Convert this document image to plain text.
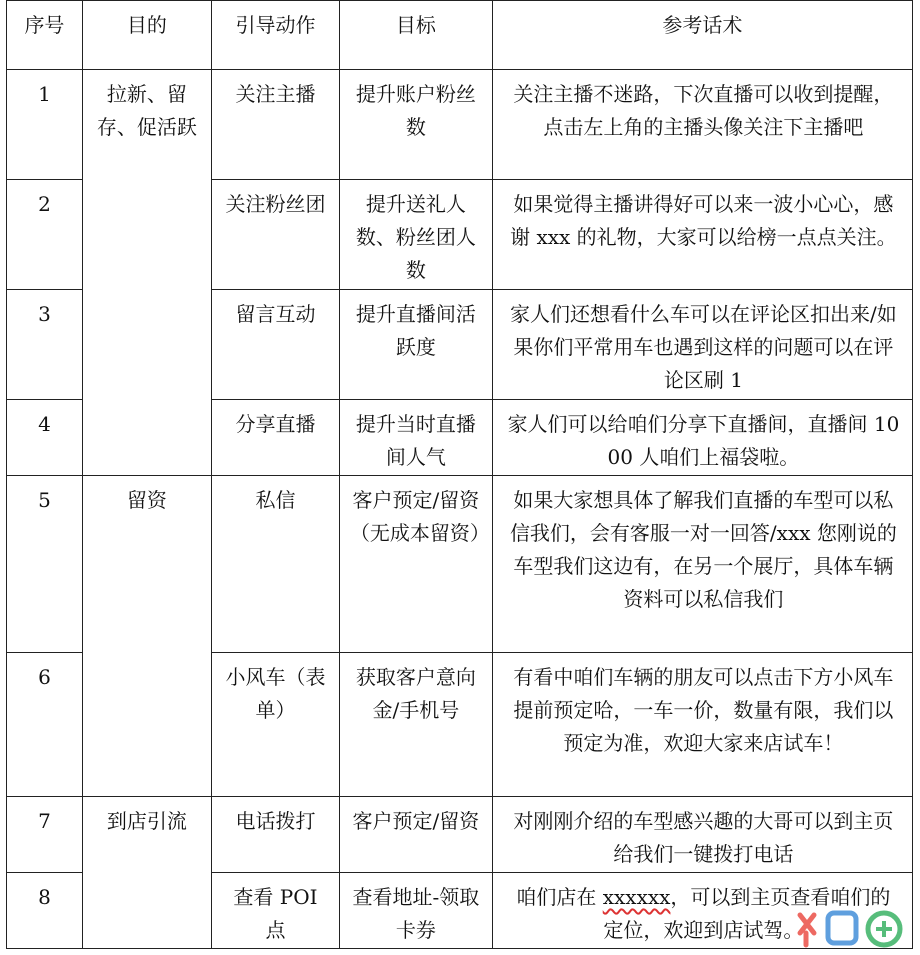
序号	目的	引导动作	目标	参考话术
1	拉新、留存、促活跃	关注主播	提升账户粉丝数	关注主播不迷路，下次直播可以收到提醒，点击左上角的主播头像关注下主播吧
2		关注粉丝团	提升送礼人数、粉丝团人数	如果觉得主播讲得好可以来一波小心心，感谢 xxx 的礼物，大家可以给榜一点点关注。
3		留言互动	提升直播间活跃度	家人们还想看什么车可以在评论区扣出来/如果你们平常用车也遇到这样的问题可以在评论区刷 1
4		分享直播	提升当时直播间人气	家人们可以给咱们分享下直播间，直播间 1000 人咱们上福袋啦。
5	留资	私信	客户预定/留资（无成本留资）	如果大家想具体了解我们直播的车型可以私信我们，会有客服一对一回答/xxx 您刚说的车型我们这边有，在另一个展厅，具体车辆资料可以私信我们
6		小风车（表单）	获取客户意向金/手机号	有看中咱们车辆的朋友可以点击下方小风车提前预定哈，一车一价，数量有限，我们以预定为准，欢迎大家来店试车！
7	到店引流	电话拨打	客户预定/留资	对刚刚介绍的车型感兴趣的大哥可以到主页给我们一键拨打电话
8		查看 POI 点	查看地址-领取卡券	咱们店在 xxxxxx，可以到主页查看咱们的定位，欢迎到店试驾。
